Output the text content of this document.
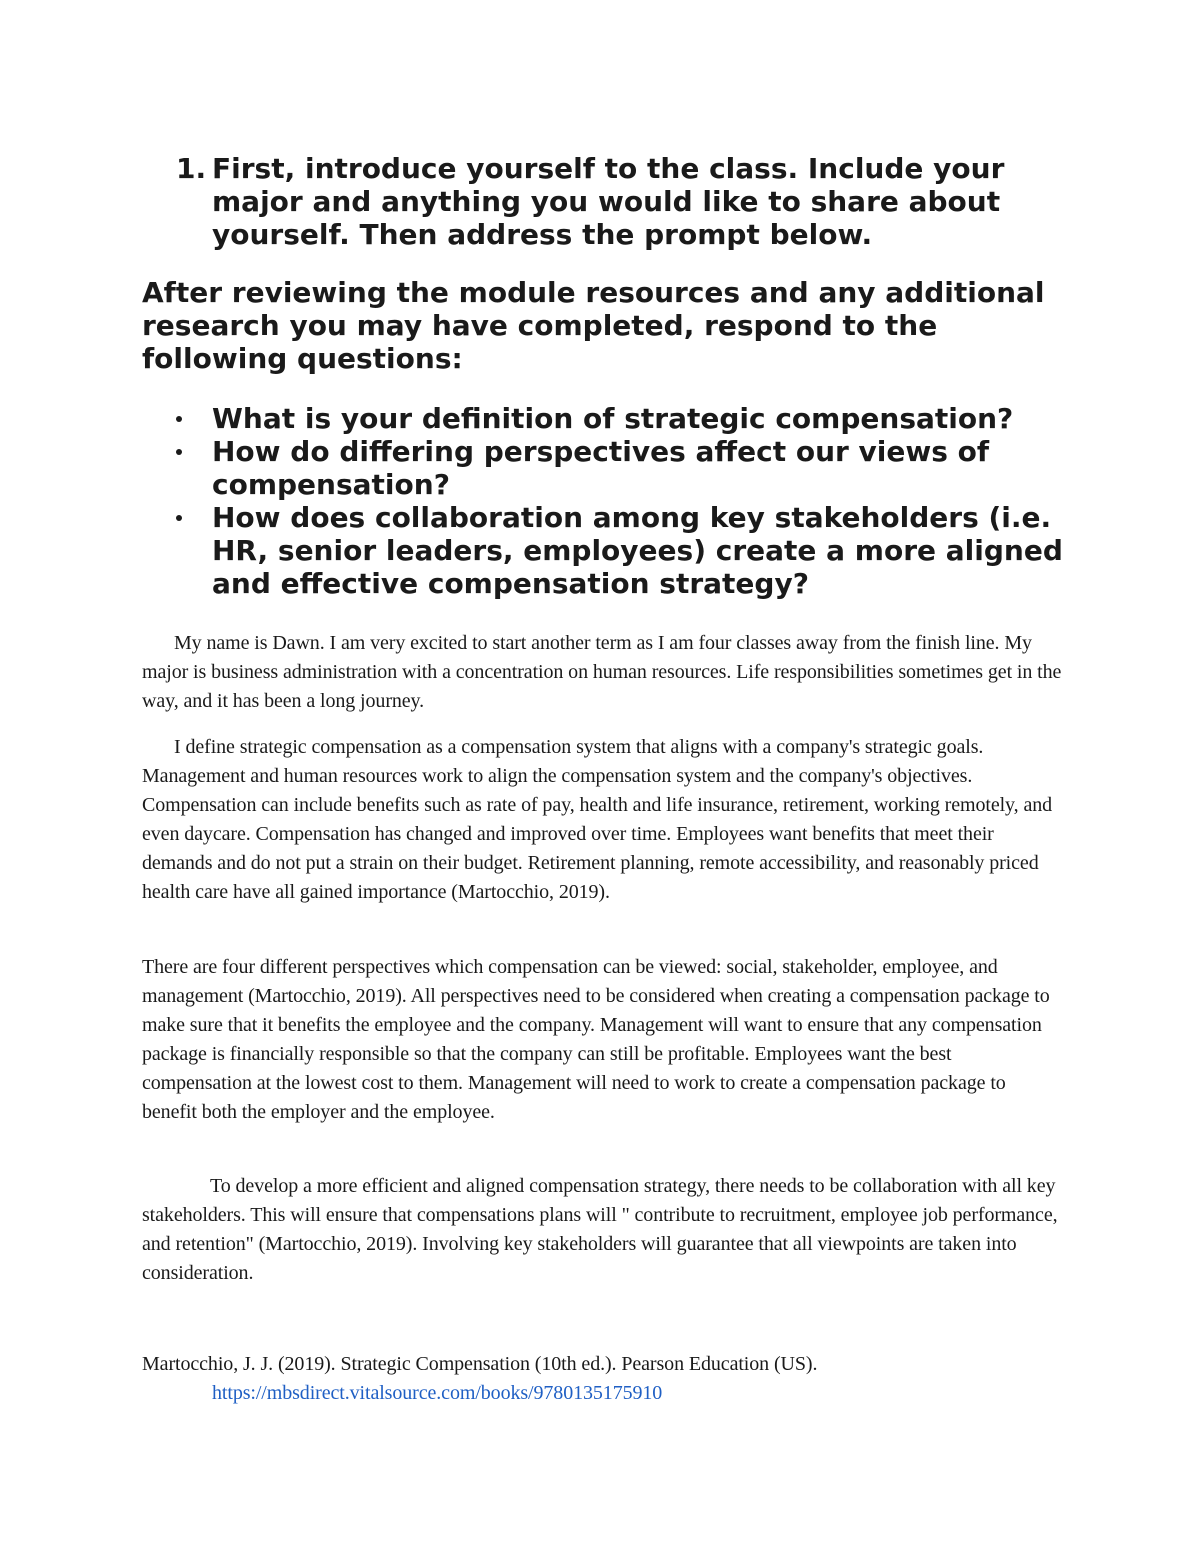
1. First, introduce yourself to the class. Include your major and anything you would like to share about yourself. Then address the prompt below.

After reviewing the module resources and any additional research you may have completed, respond to the following questions:

What is your definition of strategic compensation?
How do differing perspectives affect our views of compensation?
How does collaboration among key stakeholders (i.e. HR, senior leaders, employees) create a more aligned and effective compensation strategy?

My name is Dawn. I am very excited to start another term as I am four classes away from the finish line. My major is business administration with a concentration on human resources. Life responsibilities sometimes get in the way, and it has been a long journey.

I define strategic compensation as a compensation system that aligns with a company's strategic goals. Management and human resources work to align the compensation system and the company's objectives. Compensation can include benefits such as rate of pay, health and life insurance, retirement, working remotely, and even daycare. Compensation has changed and improved over time. Employees want benefits that meet their demands and do not put a strain on their budget. Retirement planning, remote accessibility, and reasonably priced health care have all gained importance (Martocchio, 2019).

There are four different perspectives which compensation can be viewed: social, stakeholder, employee, and management (Martocchio, 2019). All perspectives need to be considered when creating a compensation package to make sure that it benefits the employee and the company. Management will want to ensure that any compensation package is financially responsible so that the company can still be profitable. Employees want the best compensation at the lowest cost to them. Management will need to work to create a compensation package to benefit both the employer and the employee.

To develop a more efficient and aligned compensation strategy, there needs to be collaboration with all key stakeholders. This will ensure that compensations plans will " contribute to recruitment, employee job performance, and retention" (Martocchio, 2019). Involving key stakeholders will guarantee that all viewpoints are taken into consideration.

Martocchio, J. J. (2019). Strategic Compensation (10th ed.). Pearson Education (US).
https://mbsdirect.vitalsource.com/books/9780135175910
